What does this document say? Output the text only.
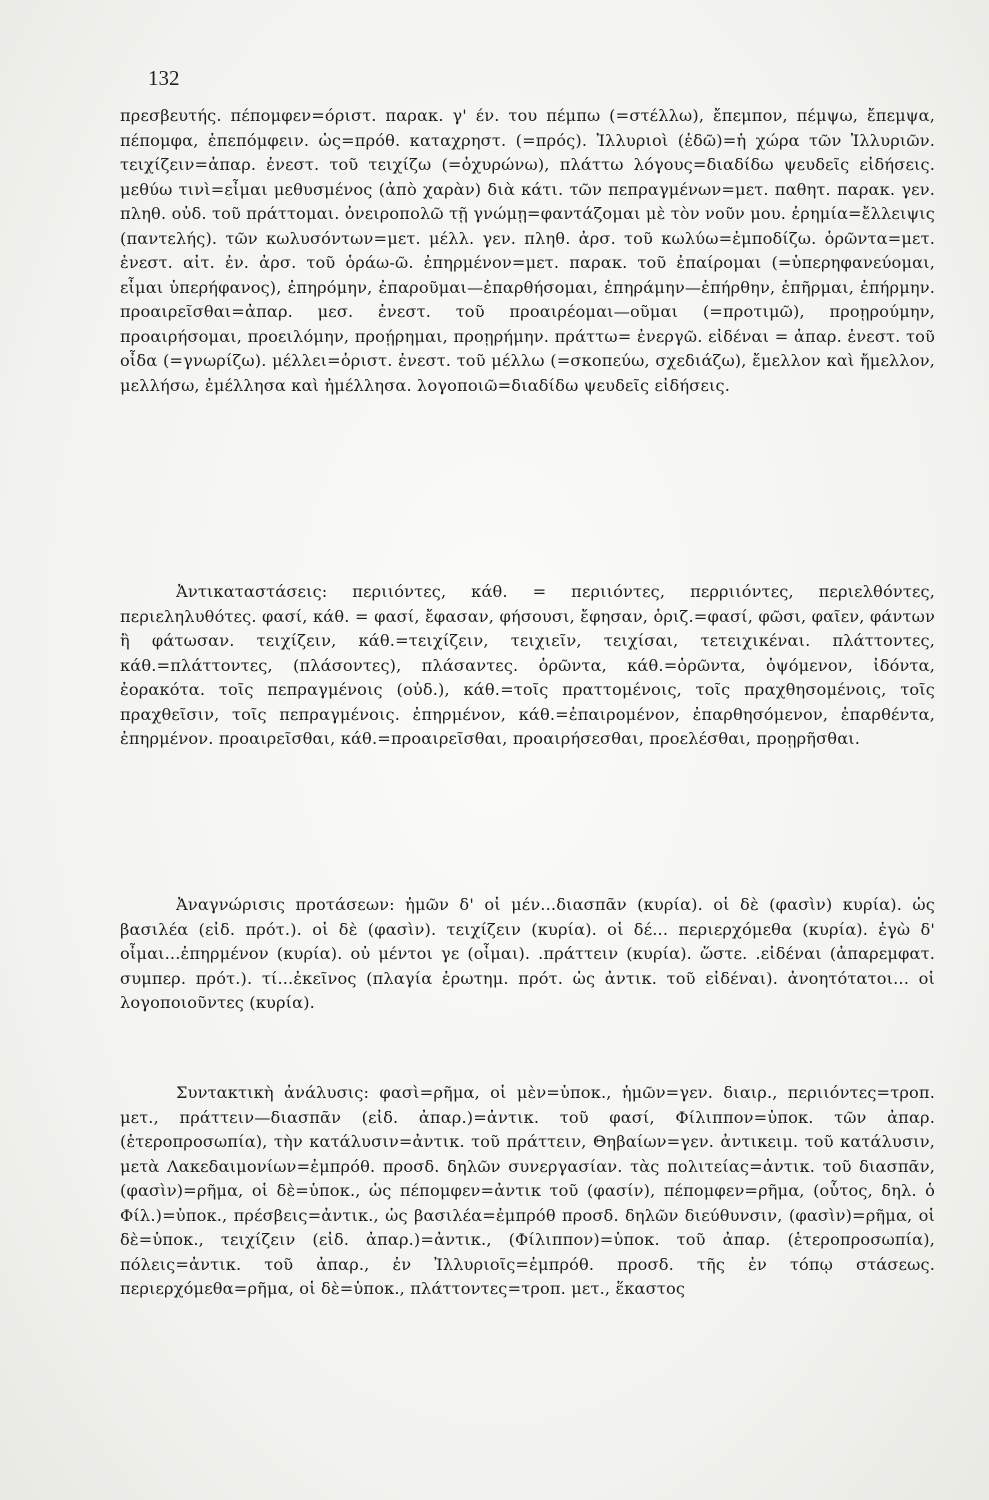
132

πρεσβευτής. πέπομφεν=όριστ. παρακ. γ' έν. του πέμπω (=στέλλω), ἔπεμπον, πέμψω, ἔπεμψα, πέπομφα, ἐπεπόμφειν. ὡς=πρόθ. καταχρηστ. (=πρός). Ἰλλυριοὶ (ἐδῶ)=ἡ χώρα τῶν Ἰλλυριῶν. τειχίζειν=ἀπαρ. ἐνεστ. τοῦ τειχίζω (=ὀχυρώνω), πλάττω λόγους=διαδίδω ψευδεῖς εἰδήσεις. μεθύω τινὶ=εἶμαι μεθυσμένος (ἀπὸ χαρὰν) διὰ κάτι. τῶν πεπραγμένων=μετ. παθητ. παρακ. γεν. πληθ. οὐδ. τοῦ πράττομαι. ὀνειροπολῶ τῇ γνώμῃ=φαντάζομαι μὲ τὸν νοῦν μου. ἐρημία=ἔλλειψις (παντελής). τῶν κωλυσόντων=μετ. μέλλ. γεν. πληθ. ἀρσ. τοῦ κωλύω=ἐμποδίζω. ὁρῶντα=μετ. ἐνεστ. αἰτ. ἐν. ἀρσ. τοῦ ὁράω-ῶ. ἐπηρμένον=μετ. παρακ. τοῦ ἐπαίρομαι (=ὑπερηφανεύομαι, εἶμαι ὑπερήφανος), ἐπηρόμην, ἐπαροῦμαι—ἐπαρθήσομαι, ἐπηράμην—ἐπήρθην, ἐπῆρμαι, ἐπήρμην. προαιρεῖσθαι=ἀπαρ. μεσ. ἐνεστ. τοῦ προαιρέομαι—οῦμαι (=προτιμῶ), προῃρούμην, προαιρήσομαι, προειλόμην, προῄρημαι, προῃρήμην. πράττω= ἐνεργῶ. εἰδέναι = ἀπαρ. ἐνεστ. τοῦ οἶδα (=γνωρίζω). μέλλει=ὁριστ. ἐνεστ. τοῦ μέλλω (=σκοπεύω, σχεδιάζω), ἔμελλον καὶ ἤμελλον, μελλήσω, ἐμέλλησα καὶ ἠμέλλησα. λογοποιῶ=διαδίδω ψευδεῖς εἰδήσεις.

Ἀντικαταστάσεις: περιιόντες, κάθ. = περιιόντες, περριιόντες, περιελθόντες, περιεληλυθότες. φασί, κάθ. = φασί, ἔφασαν, φήσουσι, ἔφησαν, ὁριζ.=φασί, φῶσι, φαῖεν, φάντων ἢ φάτωσαν. τειχίζειν, κάθ.=τειχίζειν, τειχιεῖν, τειχίσαι, τετειχικέναι. πλάττοντες, κάθ.=πλάττοντες, (πλάσοντες), πλάσαντες. ὁρῶντα, κάθ.=ὁρῶντα, ὀψόμενον, ἰδόντα, ἑορακότα. τοῖς πεπραγμένοις (οὐδ.), κάθ.=τοῖς πραττομένοις, τοῖς πραχθησομένοις, τοῖς πραχθεῖσιν, τοῖς πεπραγμένοις. ἐπηρμένον, κάθ.=ἐπαιρομένον, ἐπαρθησόμενον, ἐπαρθέντα, ἐπηρμένον. προαιρεῖσθαι, κάθ.=προαιρεῖσθαι, προαιρήσεσθαι, προελέσθαι, προῃρῆσθαι.

Ἀναγνώρισις προτάσεων: ἡμῶν δ' οἱ μέν...διασπᾶν (κυρία). οἱ δὲ (φασὶν) κυρία). ὡς βασιλέα (εἰδ. πρότ.). οἱ δὲ (φασὶν). τειχίζειν (κυρία). οἱ δέ... περιερχόμεθα (κυρία). ἐγὼ δ' οἶμαι...ἐπηρμένον (κυρία). οὐ μέντοι γε (οἶμαι). .πράττειν (κυρία). ὥστε. .εἰδέναι (ἀπαρεμφατ. συμπερ. πρότ.). τί...ἐκεῖνος (πλαγία ἐρωτημ. πρότ. ὡς ἀντικ. τοῦ εἰδέναι). ἀνοητότατοι... οἱ λογοποιοῦντες (κυρία).

Συντακτικὴ ἀνάλυσις: φασὶ=ρῆμα, οἱ μὲν=ὑποκ., ἡμῶν=γεν. διαιρ., περιιόντες=τροπ. μετ., πράττειν—διασπᾶν (εἰδ. ἀπαρ.)=ἀντικ. τοῦ φασί, Φίλιππον=ὑποκ. τῶν ἀπαρ. (ἑτεροπροσωπία), τὴν κατάλυσιν=ἀντικ. τοῦ πράττειν, Θηβαίων=γεν. ἀντικειμ. τοῦ κατάλυσιν, μετὰ Λακεδαιμονίων=ἐμπρόθ. προσδ. δηλῶν συνεργασίαν. τὰς πολιτείας=ἀντικ. τοῦ διασπᾶν, (φασὶν)=ρῆμα, οἱ δὲ=ὑποκ., ὡς πέπομφεν=ἀντικ τοῦ (φασίν), πέπομφεν=ρῆμα, (οὗτος, δηλ. ὁ Φίλ.)=ὑποκ., πρέσβεις=ἀντικ., ὡς βασιλέα=ἐμπρόθ προσδ. δηλῶν διεύθυνσιν, (φασὶν)=ρῆμα, οἱ δὲ=ὑποκ., τειχίζειν (εἰδ. ἀπαρ.)=ἀντικ., (Φίλιππον)=ὑποκ. τοῦ ἀπαρ. (ἑτεροπροσωπία), πόλεις=ἀντικ. τοῦ ἀπαρ., ἐν Ἰλλυριοῖς=ἐμπρόθ. προσδ. τῆς ἐν τόπῳ στάσεως. περιερχόμεθα=ρῆμα, οἱ δὲ=ὑποκ., πλάττοντες=τροπ. μετ., ἕκαστος
